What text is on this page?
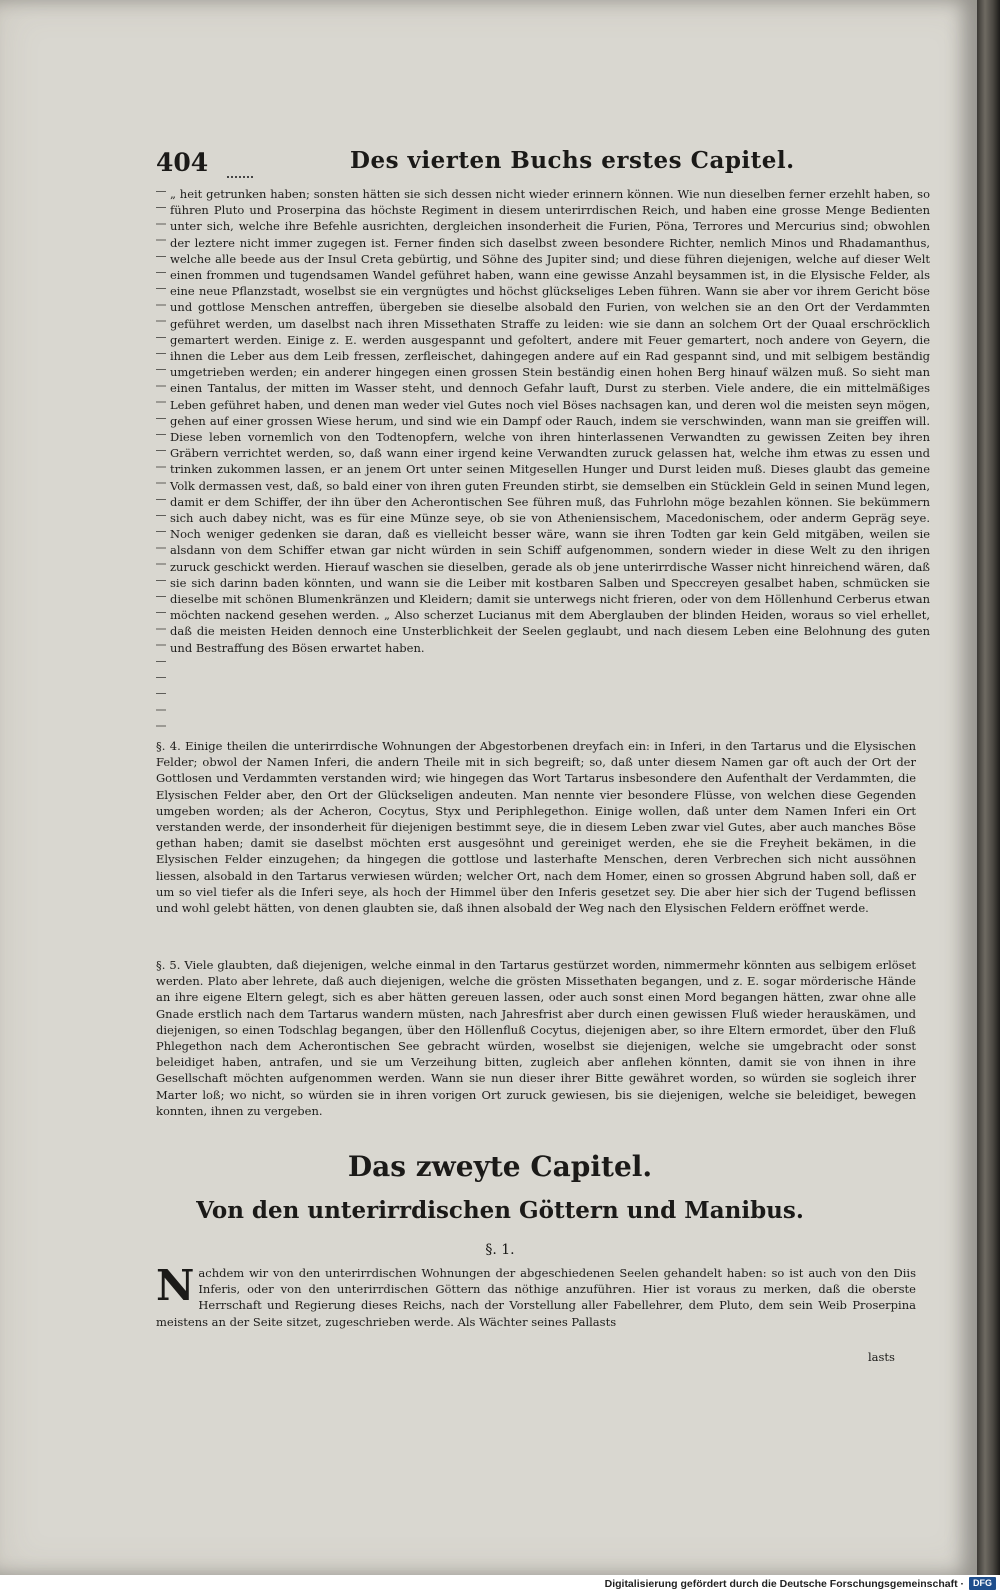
404	Des vierten Buchs erstes Capitel.

„ heit getrunken haben; sonsten hätten sie sich dessen nicht wieder erinnern können. Wie nun dieselben ferner erzehlt haben, so führen Pluto und Proserpina das höchste Regiment in diesem unterirrdischen Reich, und haben eine grosse Menge Bedienten unter sich, welche ihre Befehle ausrichten, dergleichen insonderheit die Furien, Pöna, Terrores und Mercurius sind; obwohlen der leztere nicht immer zugegen ist. Ferner finden sich daselbst zween besondere Richter, nemlich Minos und Rhadamanthus, welche alle beede aus der Insul Creta gebürtig, und Söhne des Jupiter sind; und diese führen diejenigen, welche auf dieser Welt einen frommen und tugendsamen Wandel geführet haben, wann eine gewisse Anzahl beysammen ist, in die Elysische Felder, als eine neue Pflanzstadt, woselbst sie ein vergnügtes und höchst glückseliges Leben führen. Wann sie aber vor ihrem Gericht böse und gottlose Menschen antreffen, übergeben sie dieselbe alsobald den Furien, von welchen sie an den Ort der Verdammten geführet werden, um daselbst nach ihren Missethaten Straffe zu leiden: wie sie dann an solchem Ort der Quaal erschröcklich gemartert werden. Einige z. E. werden ausgespannt und gefoltert, andere mit Feuer gemartert, noch andere von Geyern, die ihnen die Leber aus dem Leib fressen, zerfleischet, dahingegen andere auf ein Rad gespannt sind, und mit selbigem beständig umgetrieben werden; ein anderer hingegen einen grossen Stein beständig einen hohen Berg hinauf wälzen muß. So sieht man einen Tantalus, der mitten im Wasser steht, und dennoch Gefahr lauft, Durst zu sterben. Viele andere, die ein mittelmäßiges Leben geführet haben, und denen man weder viel Gutes noch viel Böses nachsagen kan, und deren wol die meisten seyn mögen, gehen auf einer grossen Wiese herum, und sind wie ein Dampf oder Rauch, indem sie verschwinden, wann man sie greiffen will. Diese leben vornemlich von den Todtenopfern, welche von ihren hinterlassenen Verwandten zu gewissen Zeiten bey ihren Gräbern verrichtet werden, so, daß wann einer irgend keine Verwandten zuruck gelassen hat, welche ihm etwas zu essen und trinken zukommen lassen, er an jenem Ort unter seinen Mitgesellen Hunger und Durst leiden muß. Dieses glaubt das gemeine Volk dermassen vest, daß, so bald einer von ihren guten Freunden stirbt, sie demselben ein Stücklein Geld in seinen Mund legen, damit er dem Schiffer, der ihn über den Acherontischen See führen muß, das Fuhrlohn möge bezahlen können. Sie bekümmern sich auch dabey nicht, was es für eine Münze seye, ob sie von Atheniensischem, Macedonischem, oder anderm Gepräg seye. Noch weniger gedenken sie daran, daß es vielleicht besser wäre, wann sie ihren Todten gar kein Geld mitgäben, weilen sie alsdann von dem Schiffer etwan gar nicht würden in sein Schiff aufgenommen, sondern wieder in diese Welt zu den ihrigen zuruck geschickt werden. Hierauf waschen sie dieselben, gerade als ob jene unterirrdische Wasser nicht hinreichend wären, daß sie sich darinn baden könnten, und wann sie die Leiber mit kostbaren Salben und Speccreyen gesalbet haben, schmücken sie dieselbe mit schönen Blumenkränzen und Kleidern; damit sie unterwegs nicht frieren, oder von dem Höllenhund Cerberus etwan möchten nackend gesehen werden. „ Also scherzet Lucianus mit dem Aberglauben der blinden Heiden, woraus so viel erhellet, daß die meisten Heiden dennoch eine Unsterblichkeit der Seelen geglaubt, und nach diesem Leben eine Belohnung des guten und Bestraffung des Bösen erwartet haben.

§. 4. Einige theilen die unterirrdische Wohnungen der Abgestorbenen dreyfach ein: in Inferi, in den Tartarus und die Elysischen Felder; obwol der Namen Inferi, die andern Theile mit in sich begreift; so, daß unter diesem Namen gar oft auch der Ort der Gottlosen und Verdammten verstanden wird; wie hingegen das Wort Tartarus insbesondere den Aufenthalt der Verdammten, die Elysischen Felder aber, den Ort der Glückseligen andeuten. Man nennte vier besondere Flüsse, von welchen diese Gegenden umgeben worden; als der Acheron, Cocytus, Styx und Periphlegethon. Einige wollen, daß unter dem Namen Inferi ein Ort verstanden werde, der insonderheit für diejenigen bestimmt seye, die in diesem Leben zwar viel Gutes, aber auch manches Böse gethan haben; damit sie daselbst möchten erst ausgesöhnt und gereiniget werden, ehe sie die Freyheit bekämen, in die Elysischen Felder einzugehen; da hingegen die gottlose und lasterhafte Menschen, deren Verbrechen sich nicht aussöhnen liessen, alsobald in den Tartarus verwiesen würden; welcher Ort, nach dem Homer, einen so grossen Abgrund haben soll, daß er um so viel tiefer als die Inferi seye, als hoch der Himmel über den Inferis gesetzet sey. Die aber hier sich der Tugend beflissen und wohl gelebt hätten, von denen glaubten sie, daß ihnen alsobald der Weg nach den Elysischen Feldern eröffnet werde.

§. 5. Viele glaubten, daß diejenigen, welche einmal in den Tartarus gestürzet worden, nimmermehr könnten aus selbigem erlöset werden. Plato aber lehrete, daß auch diejenigen, welche die grösten Missethaten begangen, und z. E. sogar mörderische Hände an ihre eigene Eltern gelegt, sich es aber hätten gereuen lassen, oder auch sonst einen Mord begangen hätten, zwar ohne alle Gnade erstlich nach dem Tartarus wandern müsten, nach Jahresfrist aber durch einen gewissen Fluß wieder herauskämen, und diejenigen, so einen Todschlag begangen, über den Höllenfluß Cocytus, diejenigen aber, so ihre Eltern ermordet, über den Fluß Phlegethon nach dem Acherontischen See gebracht würden, woselbst sie diejenigen, welche sie umgebracht oder sonst beleidiget haben, antrafen, und sie um Verzeihung bitten, zugleich aber anflehen könnten, damit sie von ihnen in ihre Gesellschaft möchten aufgenommen werden. Wann sie nun dieser ihrer Bitte gewähret worden, so würden sie sogleich ihrer Marter loß; wo nicht, so würden sie in ihren vorigen Ort zuruck gewiesen, bis sie diejenigen, welche sie beleidiget, bewegen konnten, ihnen zu vergeben.

Das zweyte Capitel.
Von den unterirrdischen Göttern und Manibus.
§. 1.
N achdem wir von den unterirrdischen Wohnungen der abgeschiedenen Seelen gehandelt haben: so ist auch von den Diis Inferis, oder von den unterirrdischen Göttern das nöthige anzuführen. Hier ist voraus zu merken, daß die oberste Herrschaft und Regierung dieses Reichs, nach der Vorstellung aller Fabellehrer, dem Pluto, dem sein Weib Proserpina meistens an der Seite sitzet, zugeschrieben werde. Als Wächter seines Pallasts
lasts
Digitalisierung gefördert durch die Deutsche Forschungsgemeinschaft ·	DFG
